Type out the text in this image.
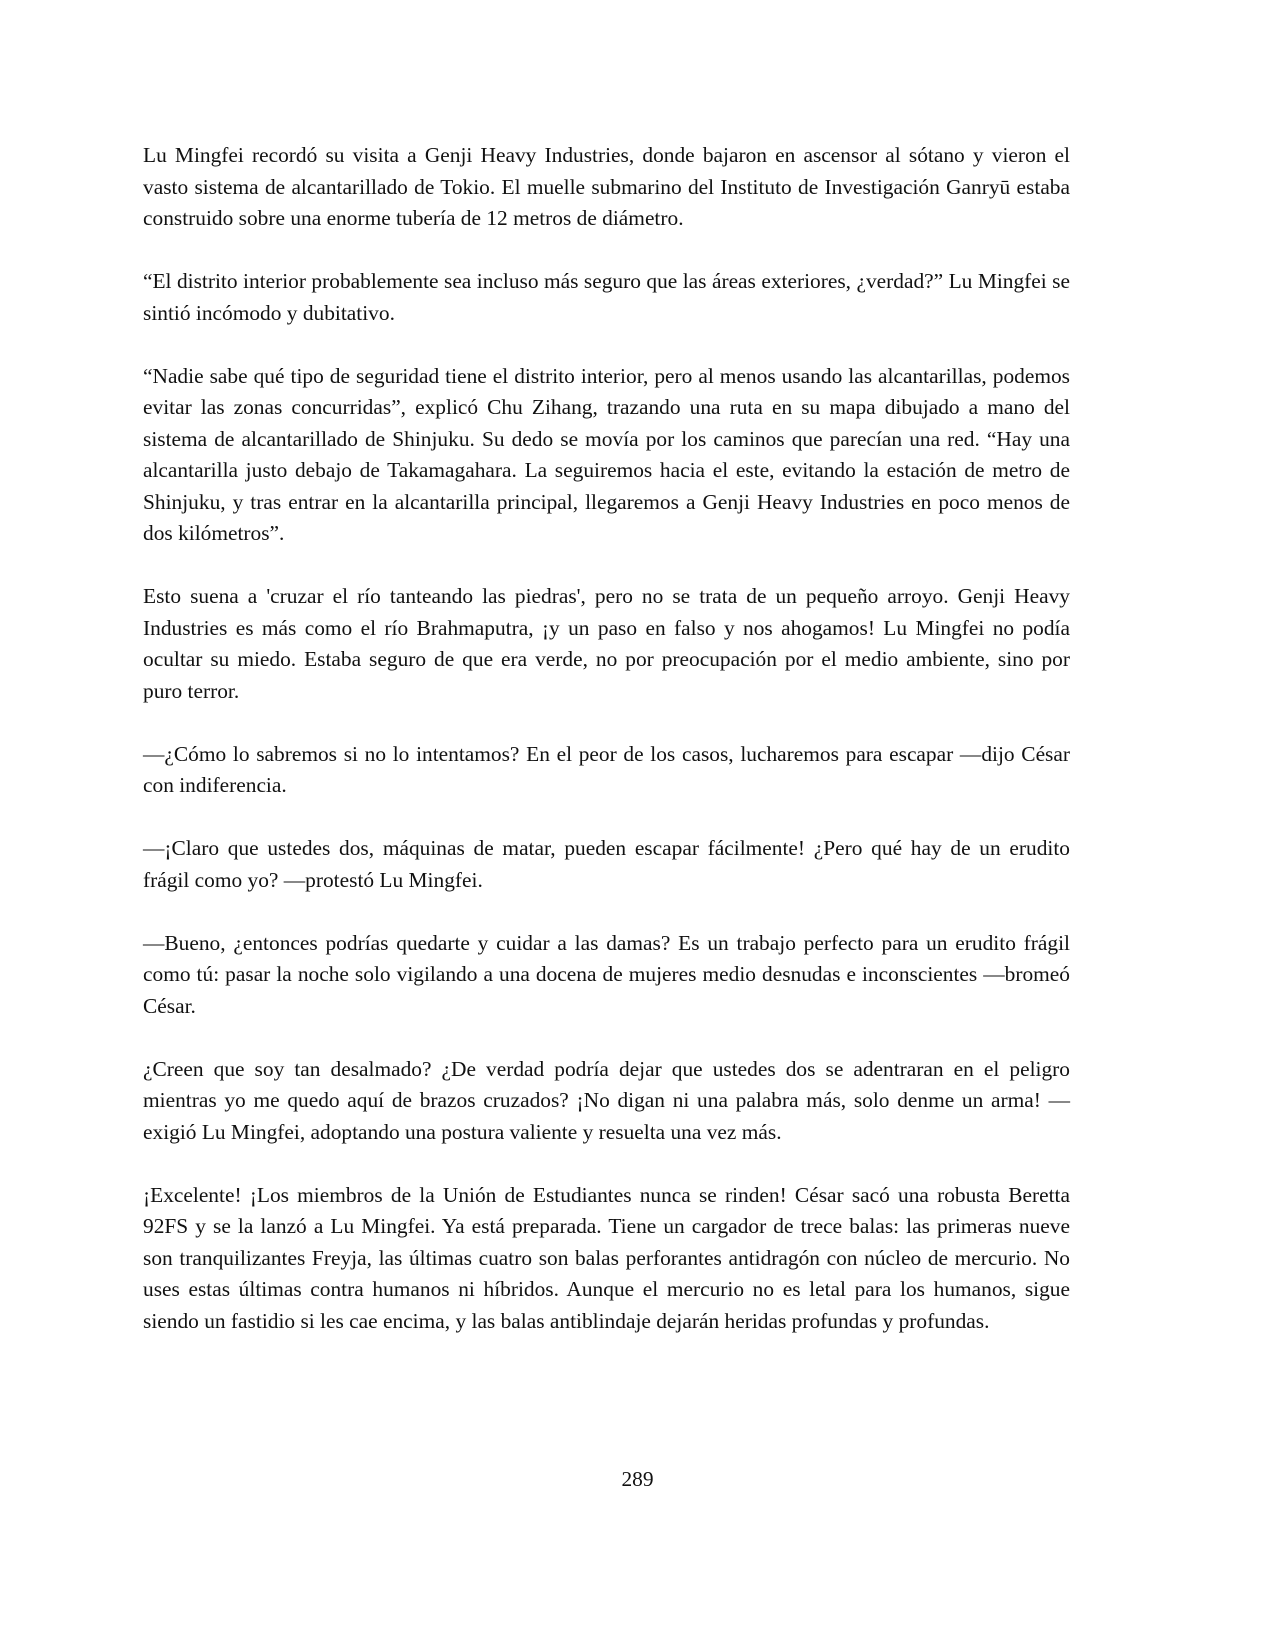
Lu Mingfei recordó su visita a Genji Heavy Industries, donde bajaron en ascensor al sótano y vieron el vasto sistema de alcantarillado de Tokio. El muelle submarino del Instituto de Investigación Ganryū estaba construido sobre una enorme tubería de 12 metros de diámetro.

“El distrito interior probablemente sea incluso más seguro que las áreas exteriores, ¿verdad?” Lu Mingfei se sintió incómodo y dubitativo.

“Nadie sabe qué tipo de seguridad tiene el distrito interior, pero al menos usando las alcantarillas, podemos evitar las zonas concurridas”, explicó Chu Zihang, trazando una ruta en su mapa dibujado a mano del sistema de alcantarillado de Shinjuku. Su dedo se movía por los caminos que parecían una red. “Hay una alcantarilla justo debajo de Takamagahara. La seguiremos hacia el este, evitando la estación de metro de Shinjuku, y tras entrar en la alcantarilla principal, llegaremos a Genji Heavy Industries en poco menos de dos kilómetros”.

Esto suena a 'cruzar el río tanteando las piedras', pero no se trata de un pequeño arroyo. Genji Heavy Industries es más como el río Brahmaputra, ¡y un paso en falso y nos ahogamos! Lu Mingfei no podía ocultar su miedo. Estaba seguro de que era verde, no por preocupación por el medio ambiente, sino por puro terror.

—¿Cómo lo sabremos si no lo intentamos? En el peor de los casos, lucharemos para escapar —dijo César con indiferencia.

—¡Claro que ustedes dos, máquinas de matar, pueden escapar fácilmente! ¿Pero qué hay de un erudito frágil como yo? —protestó Lu Mingfei.

—Bueno, ¿entonces podrías quedarte y cuidar a las damas? Es un trabajo perfecto para un erudito frágil como tú: pasar la noche solo vigilando a una docena de mujeres medio desnudas e inconscientes —bromeó César.

¿Creen que soy tan desalmado? ¿De verdad podría dejar que ustedes dos se adentraran en el peligro mientras yo me quedo aquí de brazos cruzados? ¡No digan ni una palabra más, solo denme un arma! —exigió Lu Mingfei, adoptando una postura valiente y resuelta una vez más.

¡Excelente! ¡Los miembros de la Unión de Estudiantes nunca se rinden! César sacó una robusta Beretta 92FS y se la lanzó a Lu Mingfei. Ya está preparada. Tiene un cargador de trece balas: las primeras nueve son tranquilizantes Freyja, las últimas cuatro son balas perforantes antidragón con núcleo de mercurio. No uses estas últimas contra humanos ni híbridos. Aunque el mercurio no es letal para los humanos, sigue siendo un fastidio si les cae encima, y las balas antiblindaje dejarán heridas profundas y profundas.

289
